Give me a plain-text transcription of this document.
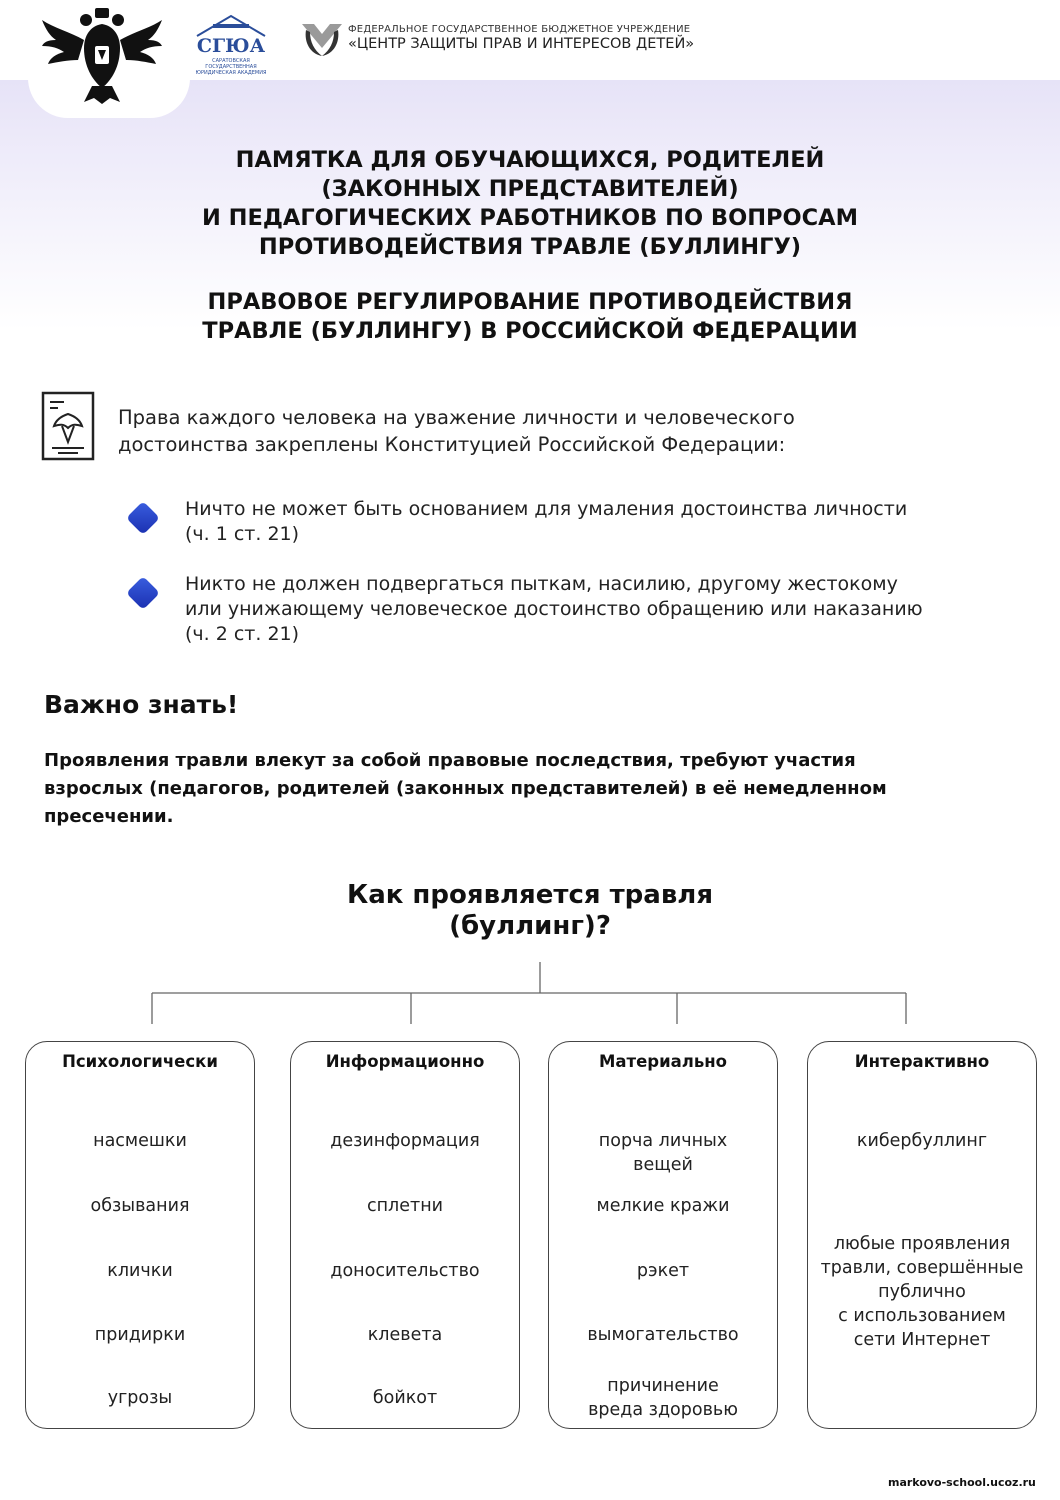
СГЮА
САРАТОВСКАЯ ГОСУДАРСТВЕННАЯ ЮРИДИЧЕСКАЯ АКАДЕМИЯ
ФЕДЕРАЛЬНОЕ ГОСУДАРСТВЕННОЕ БЮДЖЕТНОЕ УЧРЕЖДЕНИЕ
«ЦЕНТР ЗАЩИТЫ ПРАВ И ИНТЕРЕСОВ ДЕТЕЙ»
ПАМЯТКА ДЛЯ ОБУЧАЮЩИХСЯ, РОДИТЕЛЕЙ
(ЗАКОННЫХ ПРЕДСТАВИТЕЛЕЙ)
И ПЕДАГОГИЧЕСКИХ РАБОТНИКОВ ПО ВОПРОСАМ
ПРОТИВОДЕЙСТВИЯ ТРАВЛЕ (БУЛЛИНГУ)
ПРАВОВОЕ РЕГУЛИРОВАНИЕ ПРОТИВОДЕЙСТВИЯ
ТРАВЛЕ (БУЛЛИНГУ) В РОССИЙСКОЙ ФЕДЕРАЦИИ
Права каждого человека на уважение личности и человеческого
достоинства закреплены Конституцией Российской Федерации:
Ничто не может быть основанием для умаления достоинства личности
(ч. 1 ст. 21)
Никто не должен подвергаться пыткам, насилию, другому жестокому
или унижающему человеческое достоинство обращению или наказанию
(ч. 2 ст. 21)
Важно знать!
Проявления травли влекут за собой правовые последствия, требуют участия
взрослых (педагогов, родителей (законных представителей) в её немедленном
пресечении.
Как проявляется травля
(буллинг)?
Психологически
насмешки
обзывания
клички
придирки
угрозы
Информационно
дезинформация
сплетни
доносительство
клевета
бойкот
Материально
порча личных
вещей
мелкие кражи
рэкет
вымогательство
причинение
вреда здоровью
Интерактивно
кибербуллинг
любые проявления
травли, совершённые
публично
с использованием
сети Интернет
markovo-school.ucoz.ru
